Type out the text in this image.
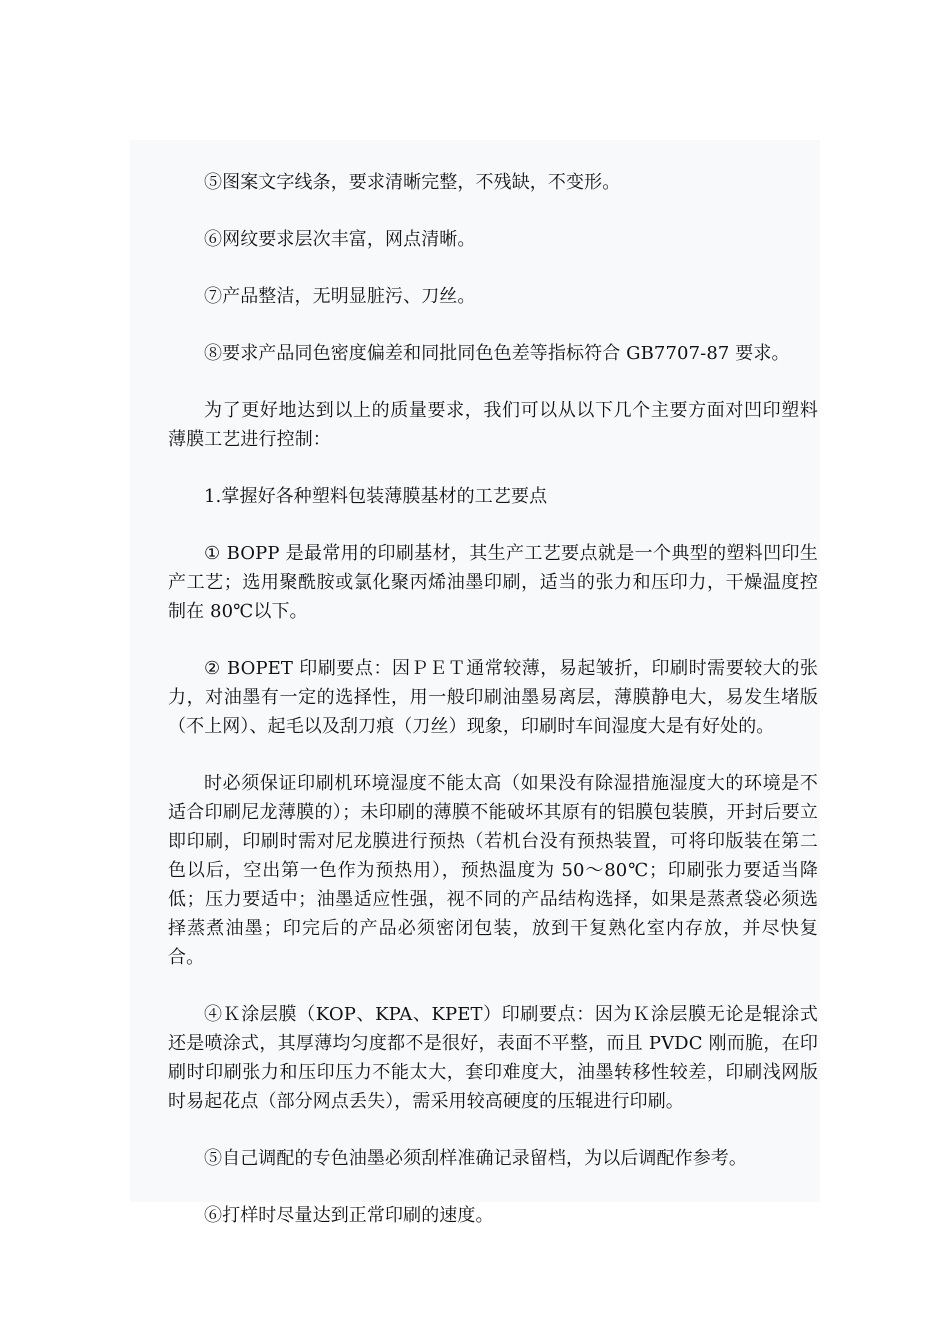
⑤图案文字线条，要求清晰完整，不残缺，不变形。

⑥网纹要求层次丰富，网点清晰。

⑦产品整洁，无明显脏污、刀丝。

⑧要求产品同色密度偏差和同批同色色差等指标符合 GB7707-87 要求。

为了更好地达到以上的质量要求，我们可以从以下几个主要方面对凹印塑料薄膜工艺进行控制：

1.掌握好各种塑料包装薄膜基材的工艺要点

① BOPP 是最常用的印刷基材，其生产工艺要点就是一个典型的塑料凹印生产工艺；选用聚酰胺或氯化聚丙烯油墨印刷，适当的张力和压印力，干燥温度控制在 80℃以下。

② BOPET 印刷要点：因ＰＥＴ通常较薄，易起皱折，印刷时需要较大的张力，对油墨有一定的选择性，用一般印刷油墨易离层，薄膜静电大，易发生堵版（不上网）、起毛以及刮刀痕（刀丝）现象，印刷时车间湿度大是有好处的。

时必须保证印刷机环境湿度不能太高（如果没有除湿措施湿度大的环境是不适合印刷尼龙薄膜的）；未印刷的薄膜不能破坏其原有的铝膜包装膜，开封后要立即印刷，印刷时需对尼龙膜进行预热（若机台没有预热装置，可将印版装在第二色以后，空出第一色作为预热用），预热温度为 50～80℃；印刷张力要适当降低；压力要适中；油墨适应性强，视不同的产品结构选择，如果是蒸煮袋必须选择蒸煮油墨；印完后的产品必须密闭包装，放到干复熟化室内存放，并尽快复合。

④Ｋ涂层膜（KOP、KPA、KPET）印刷要点：因为Ｋ涂层膜无论是辊涂式还是喷涂式，其厚薄均匀度都不是很好，表面不平整，而且 PVDC 刚而脆，在印刷时印刷张力和压印压力不能太大，套印难度大，油墨转移性较差，印刷浅网版时易起花点（部分网点丢失），需采用较高硬度的压辊进行印刷。

⑤自己调配的专色油墨必须刮样准确记录留档，为以后调配作参考。

⑥打样时尽量达到正常印刷的速度。
